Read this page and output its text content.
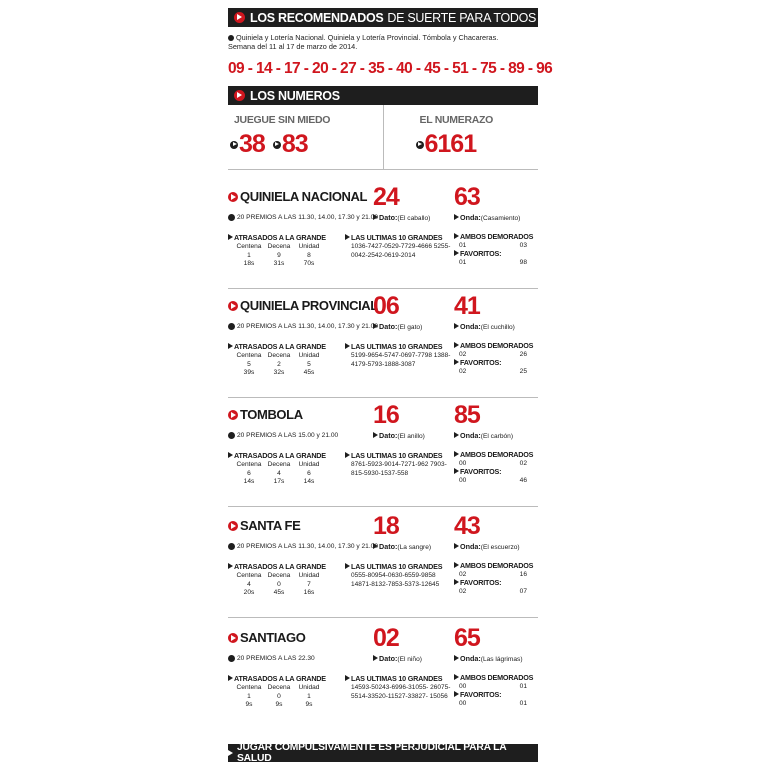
LOS RECOMENDADOS DE SUERTE PARA TODOS
Quiniela y Lotería Nacional. Quiniela y Lotería Provincial. Tómbola y Chacareras.
Semana del 11 al 17 de marzo de 2014.
09 - 14 - 17 - 20 - 27 - 35 - 40 - 45 - 51 - 75 - 89 - 96
LOS NUMEROS
JUEGUE SIN MIEDO
38 83
EL NUMERAZO
6161
QUINIELA NACIONAL
20 PREMIOS A LAS 11.30, 14.00, 17.30 y 21.00
24 63
Dato:(El caballo)	Onda:(Casamiento)
ATRASADOS A LA GRANDE
Centena Decena	Unidad
1	9	8
18s	31s	70s
LAS ULTIMAS 10 GRANDES
1036-7427-0529-7729-4666 5255-0042-2542-0619-2014
AMBOS DEMORADOS
01	03
FAVORITOS:
01	98
QUINIELA PROVINCIAL
20 PREMIOS A LAS 11.30, 14.00, 17.30 y 21.00
06 41
Dato:(El gato)	Onda:(El cuchillo)
ATRASADOS A LA GRANDE
Centena Decena	Unidad
5	2	5
39s	32s	45s
LAS ULTIMAS 10 GRANDES
5199-9654-5747-0697-7798 1388-4179-5793-1888-3087
AMBOS DEMORADOS
02	26
FAVORITOS:
02	25
TOMBOLA
20 PREMIOS A LAS 15.00 y 21.00
16 85
Dato:(El anillo)	Onda:(El carbón)
ATRASADOS A LA GRANDE
Centena Decena	Unidad
6	4	6
14s	17s	14s
LAS ULTIMAS 10 GRANDES
8761-5923-9014-7271-962 7903-815-5930-1537-558
AMBOS DEMORADOS
00	02
FAVORITOS:
00	46
SANTA FE
20 PREMIOS A LAS 11.30, 14.00, 17.30 y 21.00
18 43
Dato:(La sangre)	Onda:(El escuerzo)
ATRASADOS A LA GRANDE
Centena Decena	Unidad
4	0	7
20s	45s	16s
LAS ULTIMAS 10 GRANDES
0555-80954-0630-6559-9858 14871-8132-7853-5373-12645
AMBOS DEMORADOS
02	16
FAVORITOS:
02	07
SANTIAGO
20 PREMIOS A LAS 22.30
02 65
Dato:(El niño)	Onda:(Las lágrimas)
ATRASADOS A LA GRANDE
Centena Decena	Unidad
1	0	1
9s	9s	9s
LAS ULTIMAS 10 GRANDES
14593-50243-6996-31055- 26075-5514-33520-11527-33827- 15056
AMBOS DEMORADOS
00	01
FAVORITOS:
00	01
JUGAR COMPULSIVAMENTE ES PERJUDICIAL PARA LA SALUD
